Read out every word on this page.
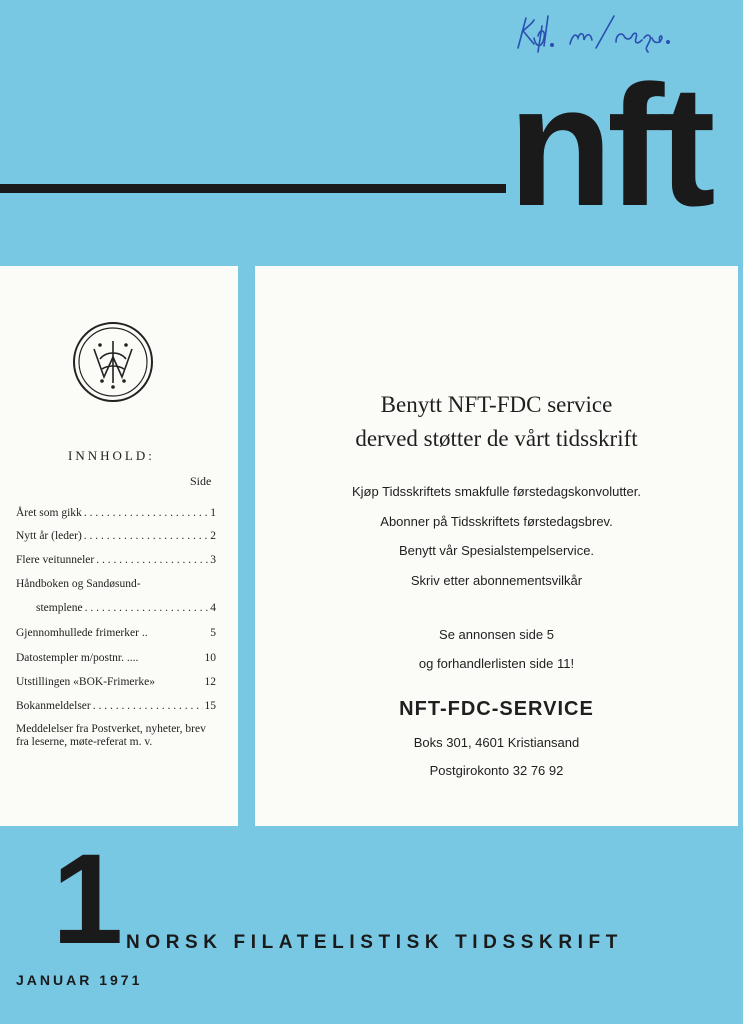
nft
INNHOLD:
Side
Året som gikk . . .	1
Nytt år (leder) . . .	2
Flere veitunneler . . .	3
Håndboken og Sandøsund-
stemplene . . .	4
Gjennomhullede frimerker ..	5
Datostempler m/postnr. ....	10
Utstillingen «BOK-Frimerke»	12
Bokanmeldelser . . .	15
Meddelelser fra Postverket, nyheter, brev fra leserne, møte-referat m. v.
Benytt NFT-FDC service
derved støtter de vårt tidsskrift
Kjøp Tidsskriftets smakfulle førstedagskonvolutter.
Abonner på Tidsskriftets førstedagsbrev.
Benytt vår Spesialstempelservice.
Skriv etter abonnementsvilkår
Se annonsen side 5
og forhandlerlisten side 11!
NFT-FDC-SERVICE
Boks 301, 4601 Kristiansand
Postgirokonto 32 76 92
1 NORSK FILATELISTISK TIDSSKRIFT
JANUAR 1971
